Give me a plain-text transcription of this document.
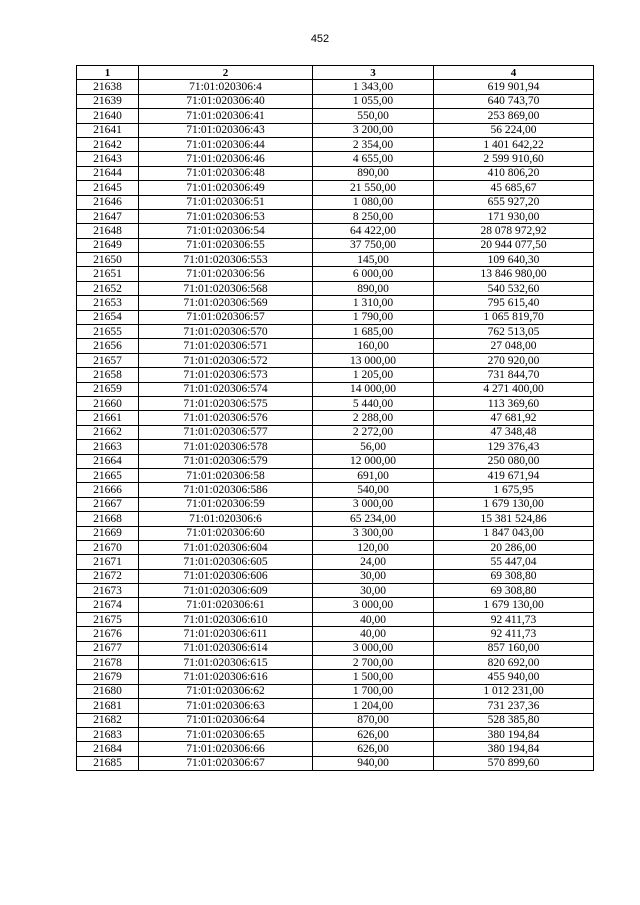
452
1	2	3	4
21638	71:01:020306:4	1 343,00	619 901,94
21639	71:01:020306:40	1 055,00	640 743,70
21640	71:01:020306:41	550,00	253 869,00
21641	71:01:020306:43	3 200,00	56 224,00
21642	71:01:020306:44	2 354,00	1 401 642,22
21643	71:01:020306:46	4 655,00	2 599 910,60
21644	71:01:020306:48	890,00	410 806,20
21645	71:01:020306:49	21 550,00	45 685,67
21646	71:01:020306:51	1 080,00	655 927,20
21647	71:01:020306:53	8 250,00	171 930,00
21648	71:01:020306:54	64 422,00	28 078 972,92
21649	71:01:020306:55	37 750,00	20 944 077,50
21650	71:01:020306:553	145,00	109 640,30
21651	71:01:020306:56	6 000,00	13 846 980,00
21652	71:01:020306:568	890,00	540 532,60
21653	71:01:020306:569	1 310,00	795 615,40
21654	71:01:020306:57	1 790,00	1 065 819,70
21655	71:01:020306:570	1 685,00	762 513,05
21656	71:01:020306:571	160,00	27 048,00
21657	71:01:020306:572	13 000,00	270 920,00
21658	71:01:020306:573	1 205,00	731 844,70
21659	71:01:020306:574	14 000,00	4 271 400,00
21660	71:01:020306:575	5 440,00	113 369,60
21661	71:01:020306:576	2 288,00	47 681,92
21662	71:01:020306:577	2 272,00	47 348,48
21663	71:01:020306:578	56,00	129 376,43
21664	71:01:020306:579	12 000,00	250 080,00
21665	71:01:020306:58	691,00	419 671,94
21666	71:01:020306:586	540,00	1 675,95
21667	71:01:020306:59	3 000,00	1 679 130,00
21668	71:01:020306:6	65 234,00	15 381 524,86
21669	71:01:020306:60	3 300,00	1 847 043,00
21670	71:01:020306:604	120,00	20 286,00
21671	71:01:020306:605	24,00	55 447,04
21672	71:01:020306:606	30,00	69 308,80
21673	71:01:020306:609	30,00	69 308,80
21674	71:01:020306:61	3 000,00	1 679 130,00
21675	71:01:020306:610	40,00	92 411,73
21676	71:01:020306:611	40,00	92 411,73
21677	71:01:020306:614	3 000,00	857 160,00
21678	71:01:020306:615	2 700,00	820 692,00
21679	71:01:020306:616	1 500,00	455 940,00
21680	71:01:020306:62	1 700,00	1 012 231,00
21681	71:01:020306:63	1 204,00	731 237,36
21682	71:01:020306:64	870,00	528 385,80
21683	71:01:020306:65	626,00	380 194,84
21684	71:01:020306:66	626,00	380 194,84
21685	71:01:020306:67	940,00	570 899,60
